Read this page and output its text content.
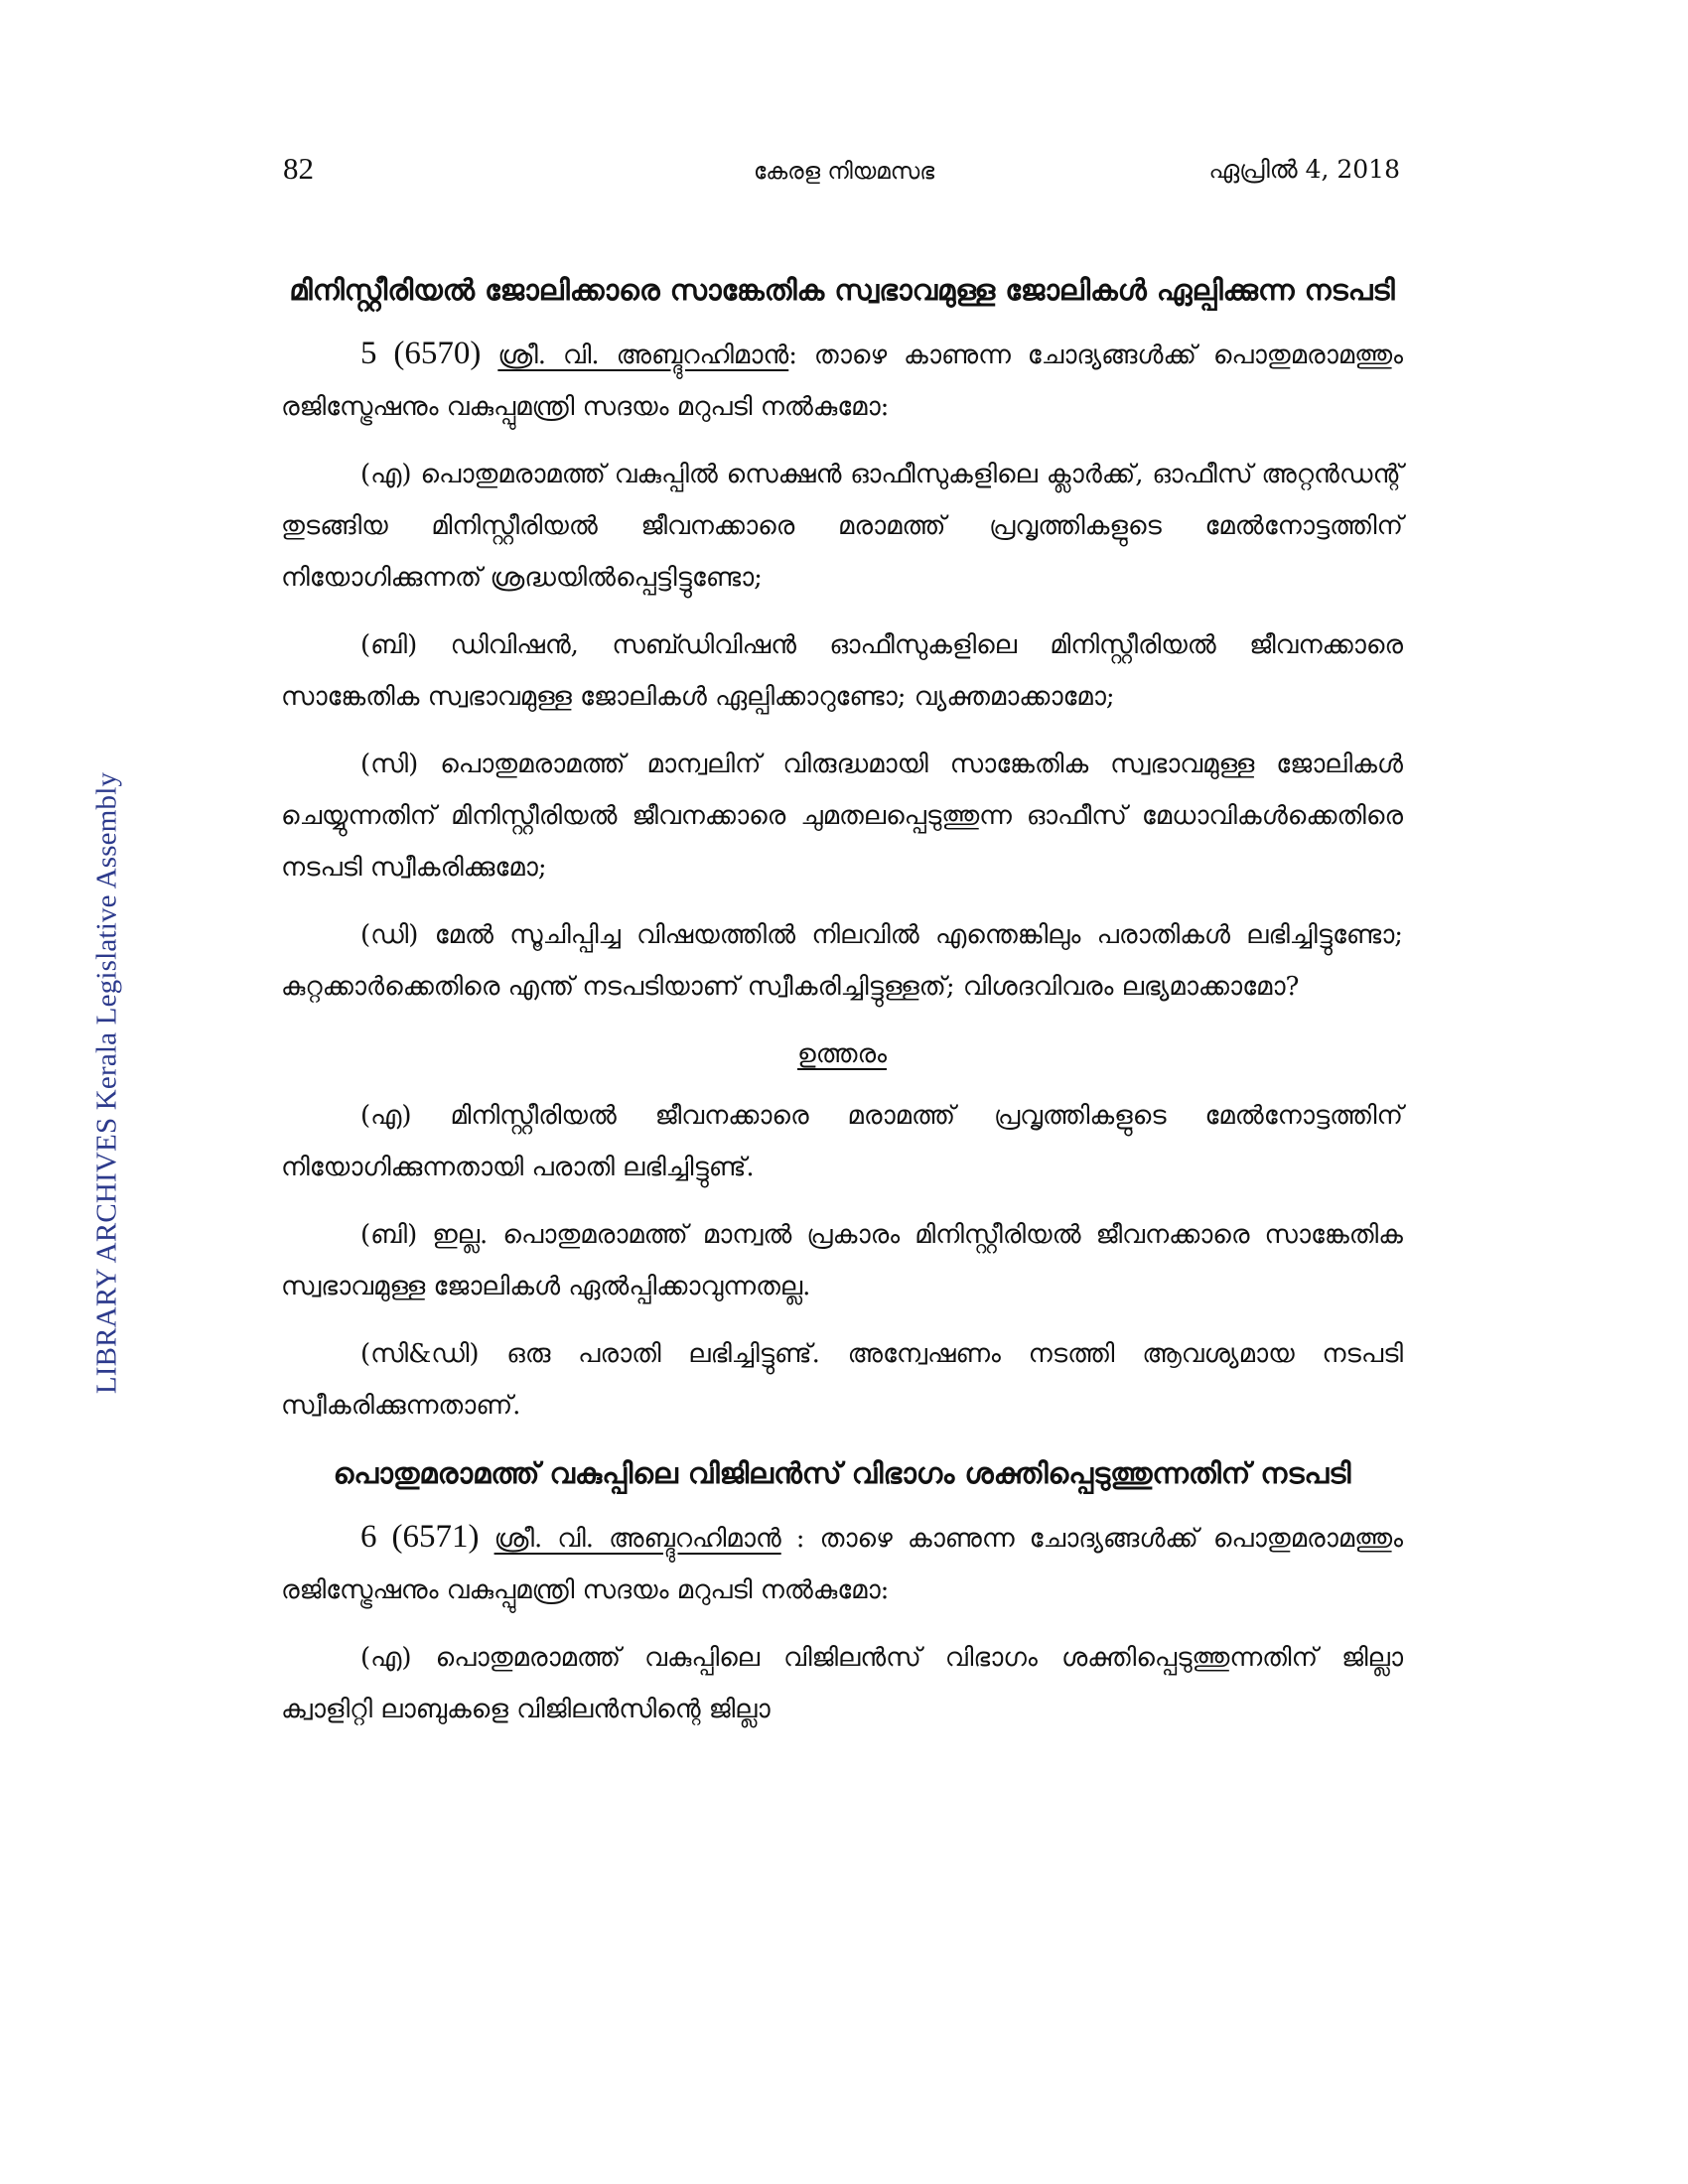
LIBRARY ARCHIVES Kerala Legislative Assembly
82	കേരള നിയമസഭ	ഏപ്രിൽ 4, 2018
മിനിസ്റ്റീരിയൽ ജോലിക്കാരെ സാങ്കേതിക സ്വഭാവമുള്ള ജോലികൾ ഏല്പിക്കുന്ന നടപടി

5 (6570) ശ്രീ. വി. അബ്ദുറഹിമാൻ: താഴെ കാണുന്ന ചോദ്യങ്ങൾക്ക് പൊതുമരാമത്തും രജിസ്ട്രേഷനും വകുപ്പുമന്ത്രി സദയം മറുപടി നൽകുമോ:

(എ) പൊതുമരാമത്ത് വകുപ്പിൽ സെക്ഷൻ ഓഫീസുകളിലെ ക്ലാർക്ക്, ഓഫീസ് അറ്റൻഡന്റ് തുടങ്ങിയ മിനിസ്റ്റീരിയൽ ജീവനക്കാരെ മരാമത്ത് പ്രവൃത്തികളുടെ മേൽനോട്ടത്തിന് നിയോഗിക്കുന്നത് ശ്രദ്ധയിൽപ്പെട്ടിട്ടുണ്ടോ;

(ബി) ഡിവിഷൻ, സബ്ഡിവിഷൻ ഓഫീസുകളിലെ മിനിസ്റ്റീരിയൽ ജീവനക്കാരെ സാങ്കേതിക സ്വഭാവമുള്ള ജോലികൾ ഏല്പിക്കാറുണ്ടോ; വ്യക്തമാക്കാമോ;

(സി) പൊതുമരാമത്ത് മാന്വലിന് വിരുദ്ധമായി സാങ്കേതിക സ്വഭാവമുള്ള ജോലികൾ ചെയ്യുന്നതിന് മിനിസ്റ്റീരിയൽ ജീവനക്കാരെ ചുമതലപ്പെടുത്തുന്ന ഓഫീസ് മേധാവികൾക്കെതിരെ നടപടി സ്വീകരിക്കുമോ;

(ഡി) മേൽ സൂചിപ്പിച്ച വിഷയത്തിൽ നിലവിൽ എന്തെങ്കിലും പരാതികൾ ലഭിച്ചിട്ടുണ്ടോ; കുറ്റക്കാർക്കെതിരെ എന്ത് നടപടിയാണ് സ്വീകരിച്ചിട്ടുള്ളത്; വിശദവിവരം ലഭ്യമാക്കാമോ?

ഉത്തരം

(എ) മിനിസ്റ്റീരിയൽ ജീവനക്കാരെ മരാമത്ത് പ്രവൃത്തികളുടെ മേൽനോട്ടത്തിന് നിയോഗിക്കുന്നതായി പരാതി ലഭിച്ചിട്ടുണ്ട്.

(ബി) ഇല്ല. പൊതുമരാമത്ത് മാന്വൽ പ്രകാരം മിനിസ്റ്റീരിയൽ ജീവനക്കാരെ സാങ്കേതിക സ്വഭാവമുള്ള ജോലികൾ ഏൽപ്പിക്കാവുന്നതല്ല.

(സി&ഡി) ഒരു പരാതി ലഭിച്ചിട്ടുണ്ട്. അന്വേഷണം നടത്തി ആവശ്യമായ നടപടി സ്വീകരിക്കുന്നതാണ്.

പൊതുമരാമത്ത് വകുപ്പിലെ വിജിലൻസ് വിഭാഗം ശക്തിപ്പെടുത്തുന്നതിന് നടപടി

6 (6571) ശ്രീ. വി. അബ്ദുറഹിമാൻ : താഴെ കാണുന്ന ചോദ്യങ്ങൾക്ക് പൊതുമരാമത്തും രജിസ്ട്രേഷനും വകുപ്പുമന്ത്രി സദയം മറുപടി നൽകുമോ:

(എ) പൊതുമരാമത്ത് വകുപ്പിലെ വിജിലൻസ് വിഭാഗം ശക്തിപ്പെടുത്തുന്നതിന് ജില്ലാ ക്വാളിറ്റി ലാബുകളെ വിജിലൻസിന്റെ ജില്ലാ
